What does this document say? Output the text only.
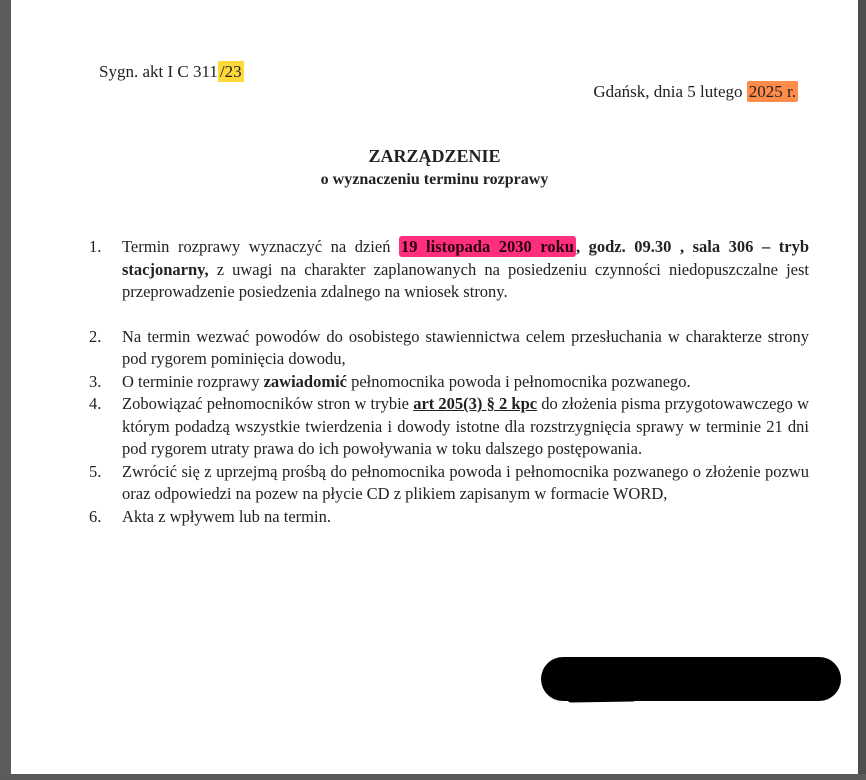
Sygn. akt I C 311 /23
Gdańsk, dnia 5 lutego 2025 r.
ZARZĄDZENIE
o wyznaczeniu terminu rozprawy
1.	Termin rozprawy wyznaczyć na dzień 19 listopada 2030 roku , godz. 09.30 , sala 306 – tryb stacjonarny, z uwagi na charakter zaplanowanych na posiedzeniu czynności niedopuszczalne jest przeprowadzenie posiedzenia zdalnego na wniosek strony.
2.	Na termin wezwać powodów do osobistego stawiennictwa celem przesłuchania w charakterze strony pod rygorem pominięcia dowodu,
3.	O terminie rozprawy zawiadomić pełnomocnika powoda i pełnomocnika pozwanego.
4.	Zobowiązać pełnomocników stron w trybie art 205(3) § 2 kpc do złożenia pisma przygotowawczego w którym podadzą wszystkie twierdzenia i dowody istotne dla rozstrzygnięcia sprawy w terminie 21 dni pod rygorem utraty prawa do ich powoływania w toku dalszego postępowania.
5.	Zwrócić się z uprzejmą prośbą do pełnomocnika powoda i pełnomocnika pozwanego o złożenie pozwu oraz odpowiedzi na pozew na płycie CD z plikiem zapisanym w formacie WORD,
6.	Akta z wpływem lub na termin.
